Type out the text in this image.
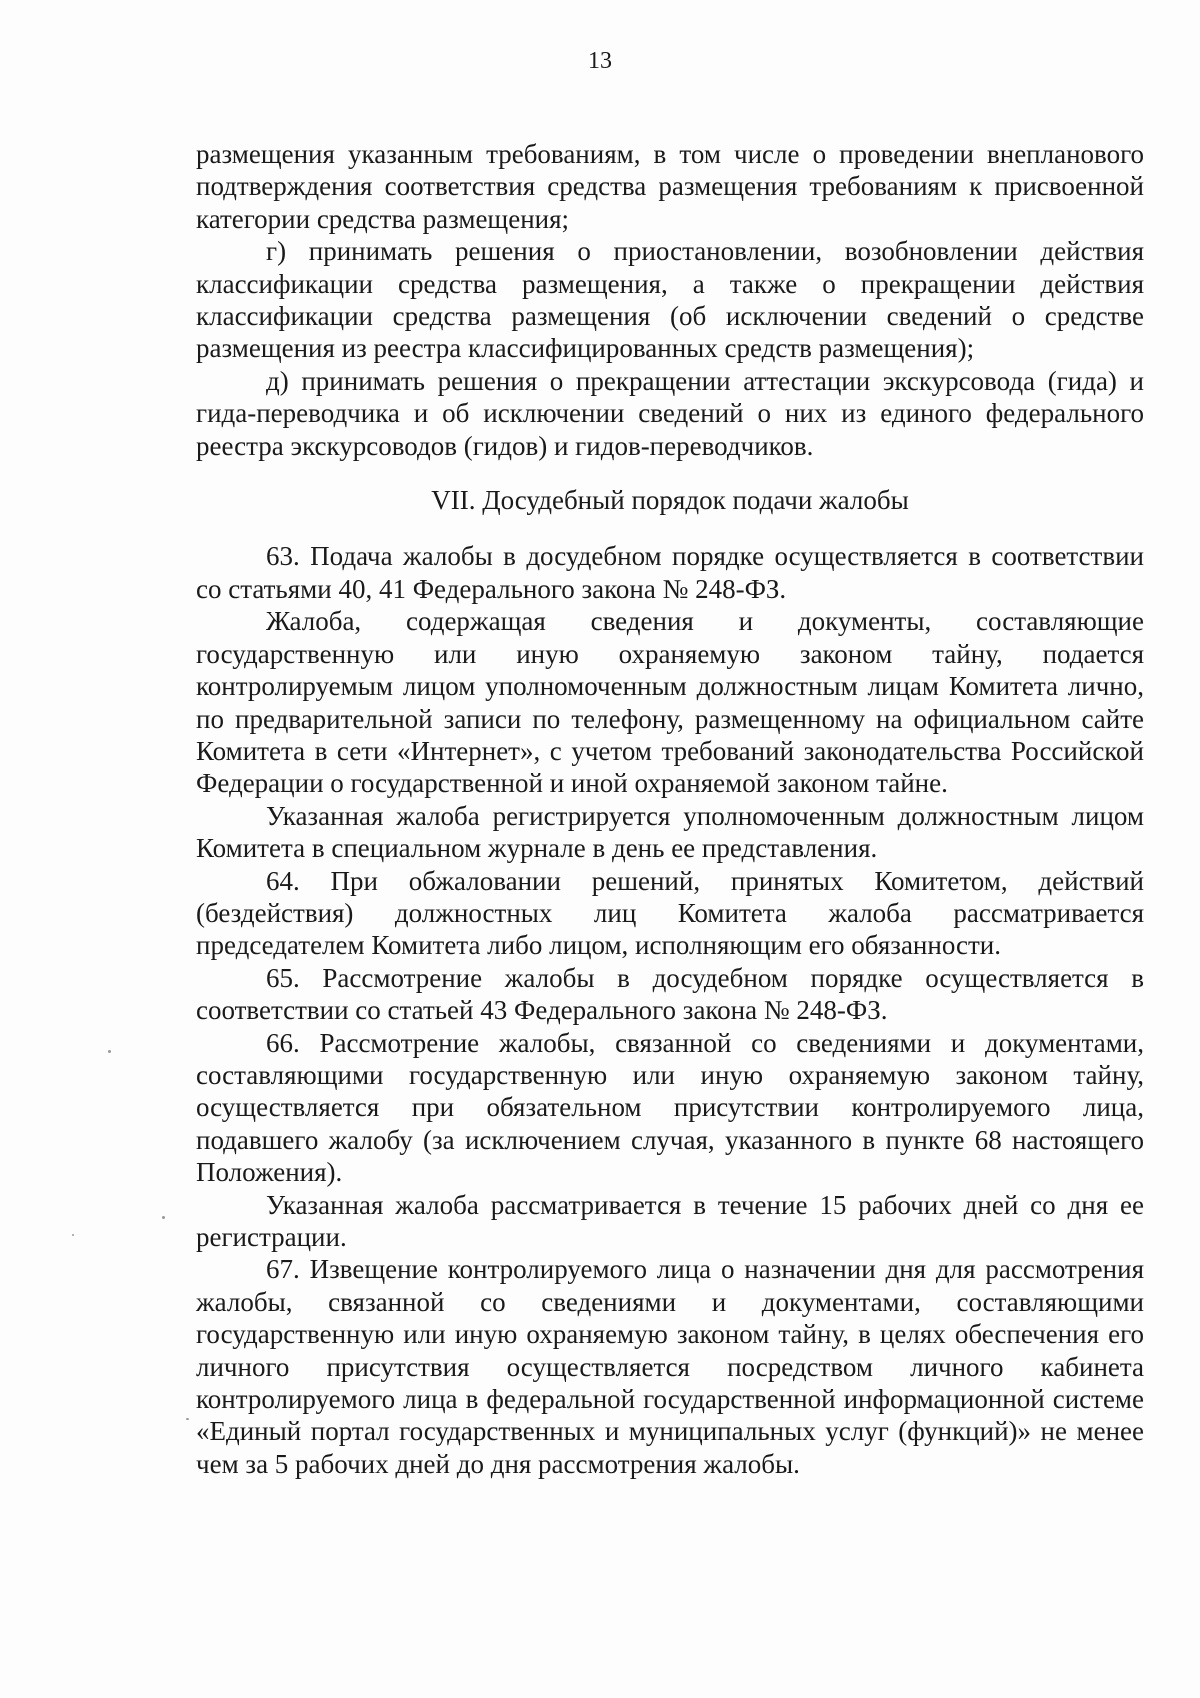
13

размещения указанным требованиям, в том числе о проведении внепланового подтверждения соответствия средства размещения требованиям к присвоенной категории средства размещения;

г) принимать решения о приостановлении, возобновлении действия классификации средства размещения, а также о прекращении действия классификации средства размещения (об исключении сведений о средстве размещения из реестра классифицированных средств размещения);

д) принимать решения о прекращении аттестации экскурсовода (гида) и гида-переводчика и об исключении сведений о них из единого федерального реестра экскурсоводов (гидов) и гидов-переводчиков.

VII. Досудебный порядок подачи жалобы

63. Подача жалобы в досудебном порядке осуществляется в соответствии со статьями 40, 41 Федерального закона № 248-ФЗ.

Жалоба, содержащая сведения и документы, составляющие государственную или иную охраняемую законом тайну, подается контролируемым лицом уполномоченным должностным лицам Комитета лично, по предварительной записи по телефону, размещенному на официальном сайте Комитета в сети «Интернет», с учетом требований законодательства Российской Федерации о государственной и иной охраняемой законом тайне.

Указанная жалоба регистрируется уполномоченным должностным лицом Комитета в специальном журнале в день ее представления.

64. При обжаловании решений, принятых Комитетом, действий (бездействия) должностных лиц Комитета жалоба рассматривается председателем Комитета либо лицом, исполняющим его обязанности.

65. Рассмотрение жалобы в досудебном порядке осуществляется в соответствии со статьей 43 Федерального закона № 248-ФЗ.

66. Рассмотрение жалобы, связанной со сведениями и документами, составляющими государственную или иную охраняемую законом тайну, осуществляется при обязательном присутствии контролируемого лица, подавшего жалобу (за исключением случая, указанного в пункте 68 настоящего Положения).

Указанная жалоба рассматривается в течение 15 рабочих дней со дня ее регистрации.

67. Извещение контролируемого лица о назначении дня для рассмотрения жалобы, связанной со сведениями и документами, составляющими государственную или иную охраняемую законом тайну, в целях обеспечения его личного присутствия осуществляется посредством личного кабинета контролируемого лица в федеральной государственной информационной системе «Единый портал государственных и муниципальных услуг (функций)» не менее чем за 5 рабочих дней до дня рассмотрения жалобы.
